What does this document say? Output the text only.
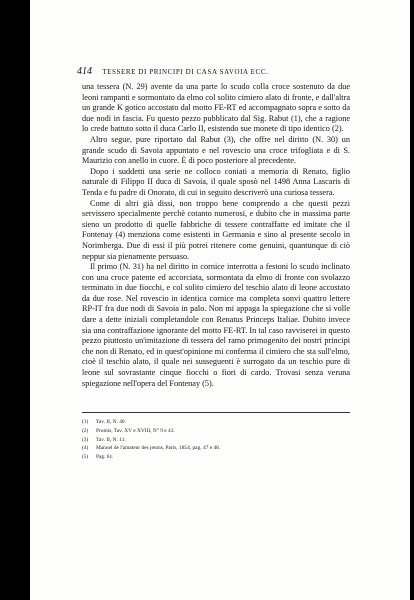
414 TESSERE DI PRINCIPI DI CASA SAVOIA ECC.

una tessera (N. 29) avente da una parte lo scudo colla croce sostenuto da due leoni rampanti e sormontato da elmo col solito cimiero alato di fronte, e dall'altra un grande K gotico accostato dal motto FE-RT ed accompagnato sopra e sotto da due nodi in fascia. Fu questo pezzo pubblicato dal Sig. Rabut (1), che a ragione lo crede battuto sotto il duca Carlo II, esistendo sue monete di tipo identico (2).

Altro segue, pure riportato dal Rabut (3), che offre nel diritto (N. 30) un grande scudo di Savoia appuntato e nel rovescio una croce trifogliata e di S. Maurizio con anello in cuore. È di poco posteriore al precedente.

Dopo i suddetti una serie ne colloco coniati a memoria di Renato, figlio naturale di Filippo II duca di Savoia, il quale sposò nel 1498 Anna Lascaris di Tenda e fu padre di Onorato, di cui in seguito descriverò una curiosa tessera.

Come di altri già dissi, non troppo bene comprendo a che questi pezzi servissero specialmente perchè cotanto numerosi, e dubito che in massima parte sieno un prodotto di quelle fabbriche di tessere contraffatte ed imitate che il Fontenay (4) menziona come esistenti in Germania e sino al presente secolo in Norimberga. Due di essi il più potrei ritenere come genuini, quantunque di ciò neppur sia pienamente persuaso.

Il primo (N. 31) ha nel diritto in cornice interrotta a festoni lo scudo inclinato con una croce patente ed accorciata, sormontata da elmo di fronte con svolazzo terminato in due fiocchi, e col solito cimiero del teschio alato di leone accostato da due rose. Nel rovescio in identica cornice ma completa sonvi quattro lettere RP-IT fra due nodi di Savoia in palo. Non mi appaga la spiegazione che si volle dare a dette iniziali completandole con Renatus Princeps Italiae. Dubito invece sia una contraffazione ignorante del motto FE-RT. In tal caso ravviserei in questo pezzo piuttosto un'imitazione di tessera del ramo primogenito dei nostri principi che non di Renato, ed in quest'opinione mi conferma il cimiero che sta sull'elmo, cioè il teschio alato, il quale nei susseguenti è surrogato da un teschio pure di leone sul sovrastante cinque fiocchi o fiori di cardo. Trovasi senza veruna spiegazione nell'opera del Fontenay (5).

(1) Tav. II, N. 40.
(2) Promis, Tav. XV e XVIII, N° 9 e 43.
(3) Tav. II, N. 11.
(4) Manuel de l'amateur des jetons. Paris, 1854, pag. 47 e 48.
(5) Pag. 61.
